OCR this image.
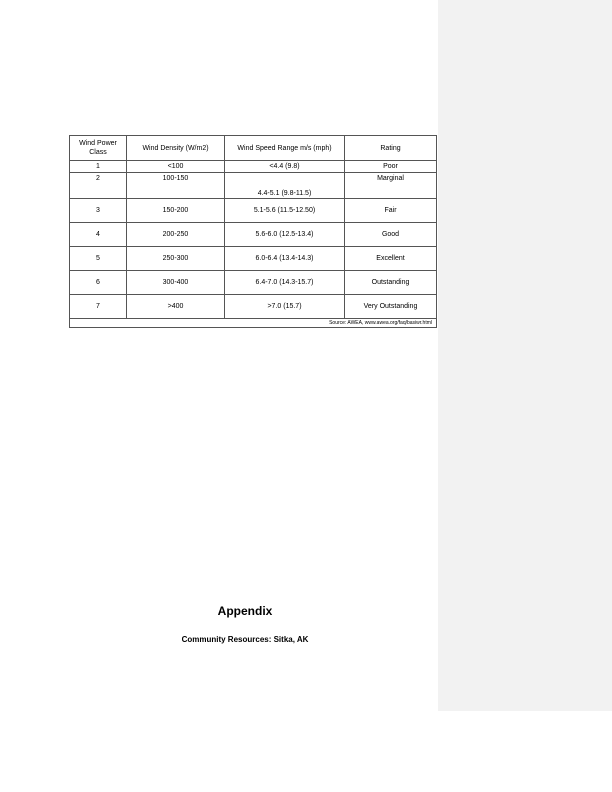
Wind Power Class	Wind Density (W/m2)	Wind Speed Range m/s (mph)	Rating
1	<100	<4.4 (9.8)	Poor
2	100-150	4.4-5.1 (9.8-11.5)	Marginal
3	150-200	5.1-5.6 (11.5-12.50)	Fair
4	200-250	5.6-6.0 (12.5-13.4)	Good
5	250-300	6.0-6.4 (13.4-14.3)	Excellent
6	300-400	6.4-7.0 (14.3-15.7)	Outstanding
7	>400	>7.0 (15.7)	Very Outstanding
Source: AWEA, www.awea.org/faq/basiwr.html			
Appendix
Community Resources: Sitka, AK
